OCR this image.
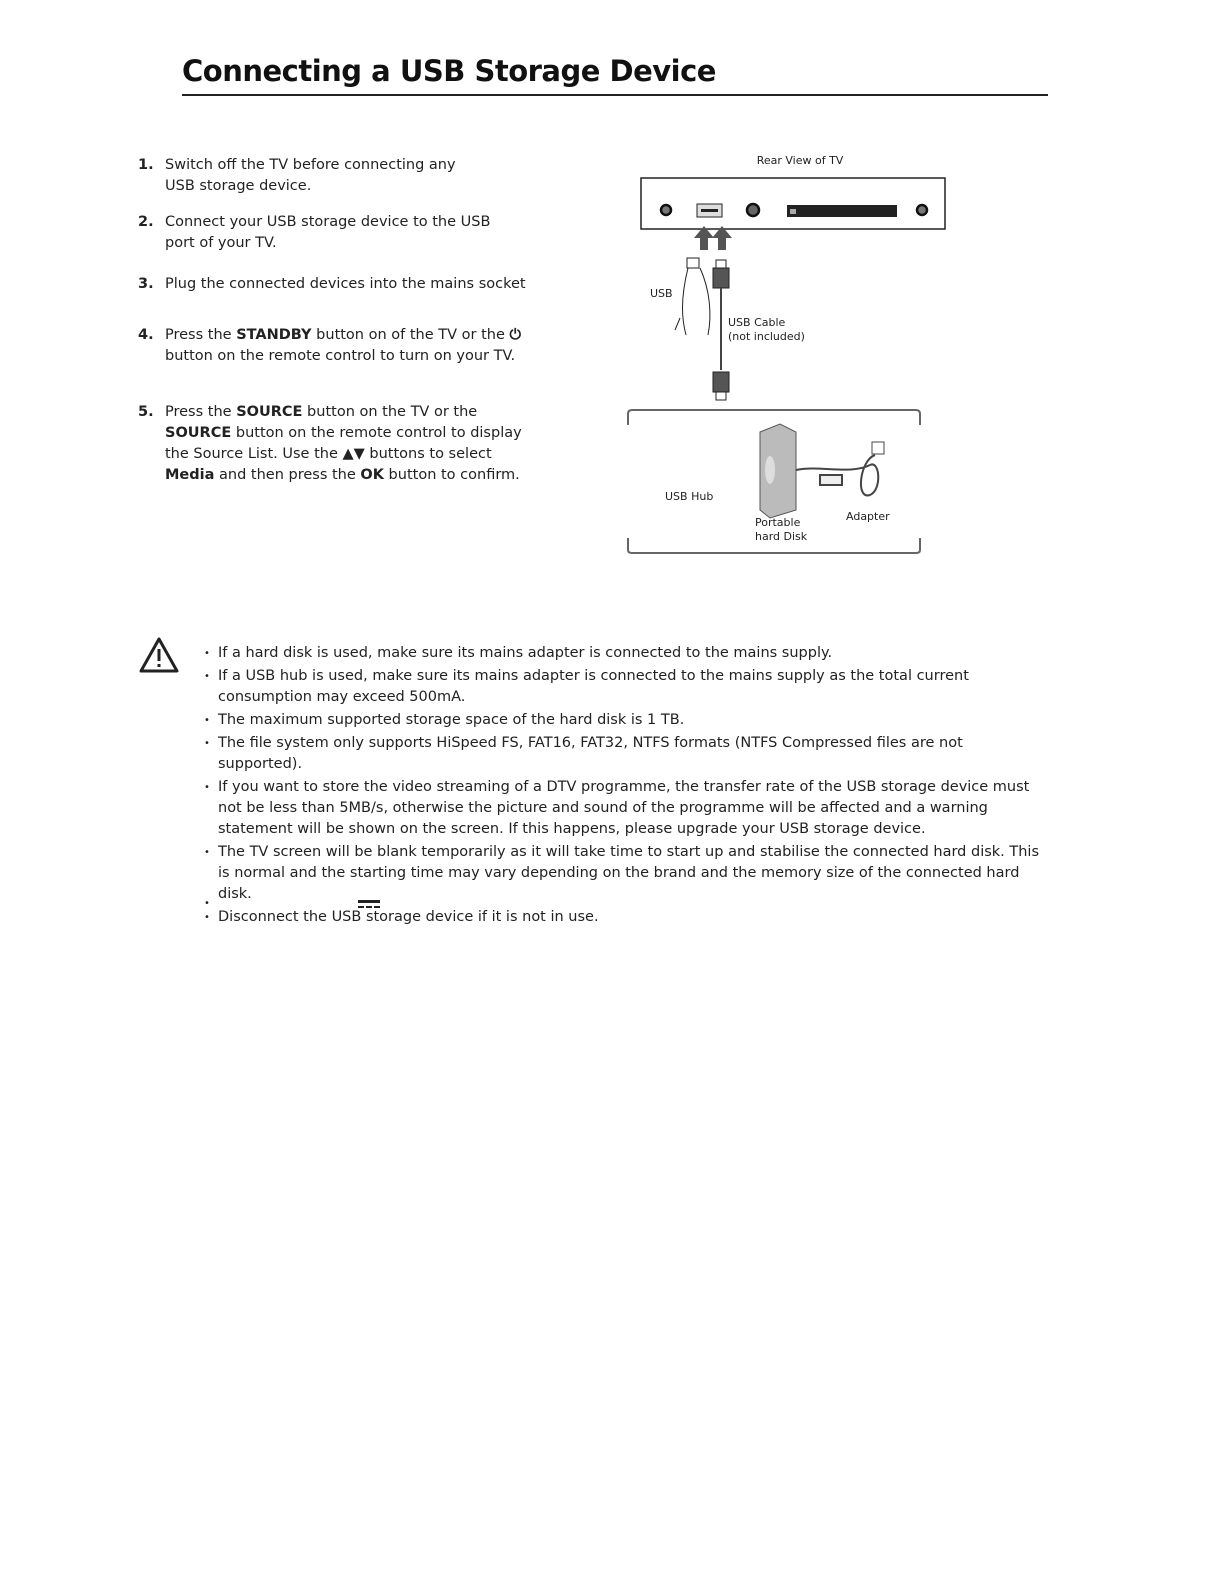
Connecting a USB Storage Device
1. Switch off the TV before connecting any USB storage device.
2. Connect your USB storage device to the USB port of your TV.
3. Plug the connected devices into the mains socket
4. Press the STANDBY button on of the TV or the ⏻ button on the remote control to turn on your TV.
5. Press the SOURCE button on the TV or the SOURCE button on the remote control to display the Source List. Use the ▲▼ buttons to select Media and then press the OK button to confirm.
Rear View of TV
USB
USB Cable
(not included)
USB Hub
Portable
hard Disk
Adapter
• If a hard disk is used, make sure its mains adapter is connected to the mains supply.
• If a USB hub is used, make sure its mains adapter is connected to the mains supply as the total current consumption may exceed 500mA.
• The maximum supported storage space of the hard disk is 1 TB.
• The file system only supports HiSpeed FS, FAT16, FAT32, NTFS formats (NTFS Compressed files are not supported).
• If you want to store the video streaming of a DTV programme, the transfer rate of the USB storage device must not be less than 5MB/s, otherwise the picture and sound of the programme will be affected and a warning statement will be shown on the screen. If this happens, please upgrade your USB storage device.
• The TV screen will be blank temporarily as it will take time to start up and stabilise the connected hard disk. This is normal and the starting time may vary depending on the brand and the memory size of the connected hard disk.
• Disconnect the USB storage device if it is not in use.
•
